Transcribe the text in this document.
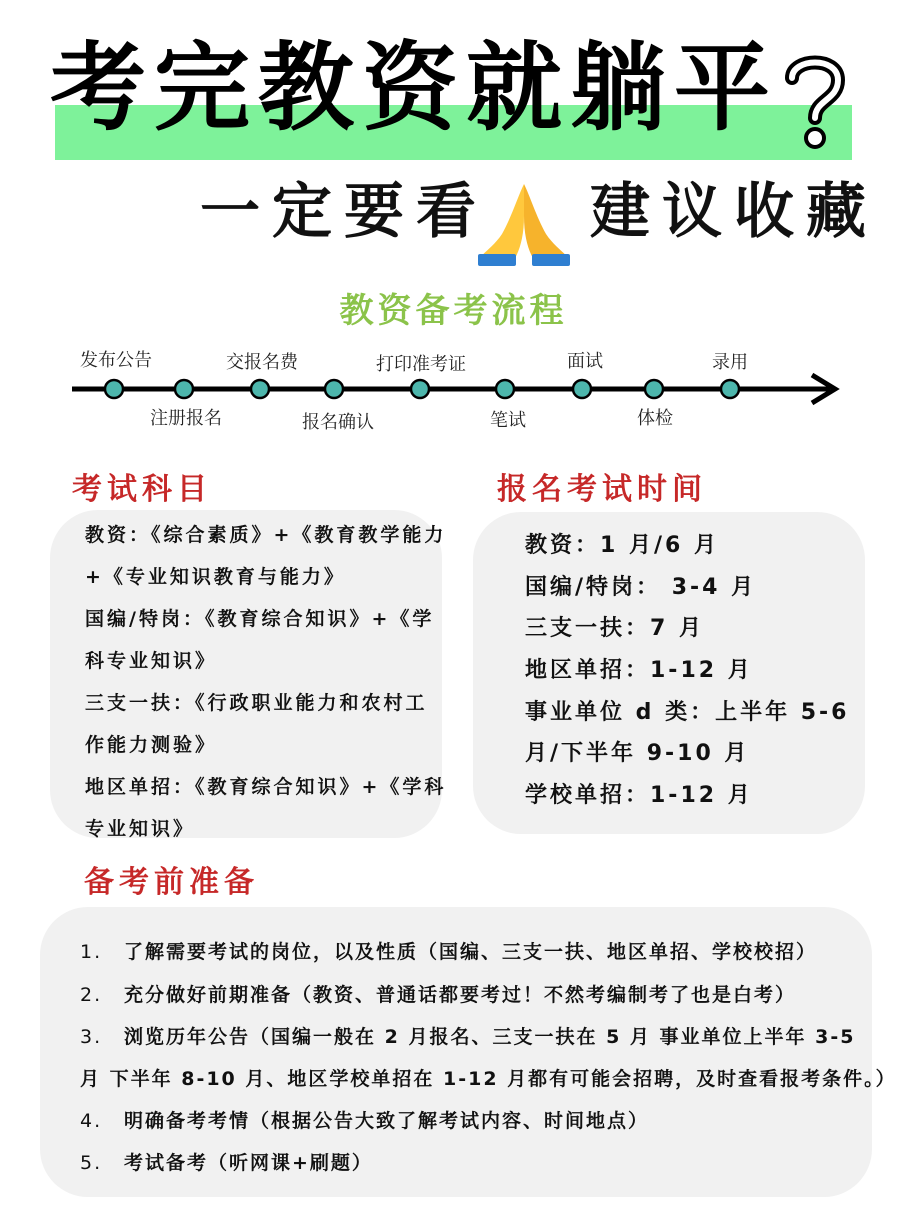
考完教资就躺平	?
一定要看 建议收藏
教资备考流程
发布公告
注册报名
交报名费
报名确认
打印准考证
笔试
面试
体检
录用
考试科目
教资：《综合素质》+《教育教学能力
+《专业知识教育与能力》
国编/特岗：《教育综合知识》+《学
科专业知识》
三支一扶：《行政职业能力和农村工
作能力测验》
地区单招：《教育综合知识》+《学科
专业知识》
报名考试时间
教资：1 月/6 月
国编/特岗： 3-4 月
三支一扶：7 月
地区单招：1-12 月
事业单位 d 类：上半年 5-6
月/下半年 9-10 月
学校单招：1-12 月
备考前准备
1. 了解需要考试的岗位，以及性质（国编、三支一扶、地区单招、学校校招）
2. 充分做好前期准备（教资、普通话都要考过！不然考编制考了也是白考）
3. 浏览历年公告（国编一般在 2 月报名、三支一扶在 5 月 事业单位上半年 3-5
月 下半年 8-10 月、地区学校单招在 1-12 月都有可能会招聘，及时查看报考条件。）
4. 明确备考考情（根据公告大致了解考试内容、时间地点）
5. 考试备考（听网课+刷题）
